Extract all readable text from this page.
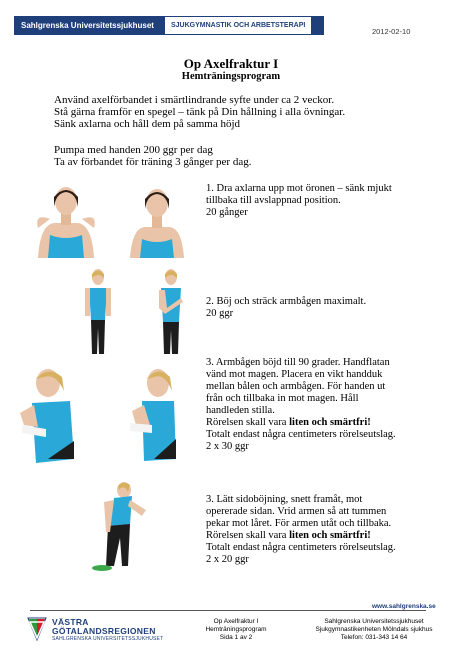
Sahlgrenska Universitetssjukhuset	SJUKGYMNASTIK OCH ARBETSTERAPI
2012-02-10
Op Axelfraktur I
Hemträningsprogram
Använd axelförbandet i smärtlindrande syfte under ca 2 veckor.
Stå gärna framför en spegel – tänk på Din hållning i alla övningar.
Sänk axlarna och håll dem på samma höjd
Pumpa med handen 200 ggr per dag
Ta av förbandet för träning 3 gånger per dag.
1. Dra axlarna upp mot öronen – sänk mjukt
tillbaka till avslappnad position.
20 gånger
2. Böj och sträck armbågen maximalt.
20 ggr
3. Armbågen böjd till 90 grader. Handflatan
vänd mot magen. Placera en vikt handduk
mellan bålen och armbågen. För handen ut
från och tillbaka in mot magen. Håll
handleden stilla.
Rörelsen skall vara liten och smärtfri!
Totalt endast några centimeters rörelseutslag.
2 x 30 ggr
3. Lätt sidoböjning, snett framåt, mot
opererade sidan. Vrid armen så att tummen
pekar mot låret. För armen utåt och tillbaka.
Rörelsen skall vara liten och smärtfri!
Totalt endast några centimeters rörelseutslag.
2 x 20 ggr
www.sahlgrenska.se
VÄSTRA
GÖTALANDSREGIONEN
SAHLGRENSKA UNIVERSITETSSJUKHUSET
Op Axelfraktur I
Hemträningsprogram
Sida 1 av 2
Sahlgrenska Universitetssjukhuset
Sjukgymnastikenheten Mölndals sjukhus
Telefon: 031-343 14 64
